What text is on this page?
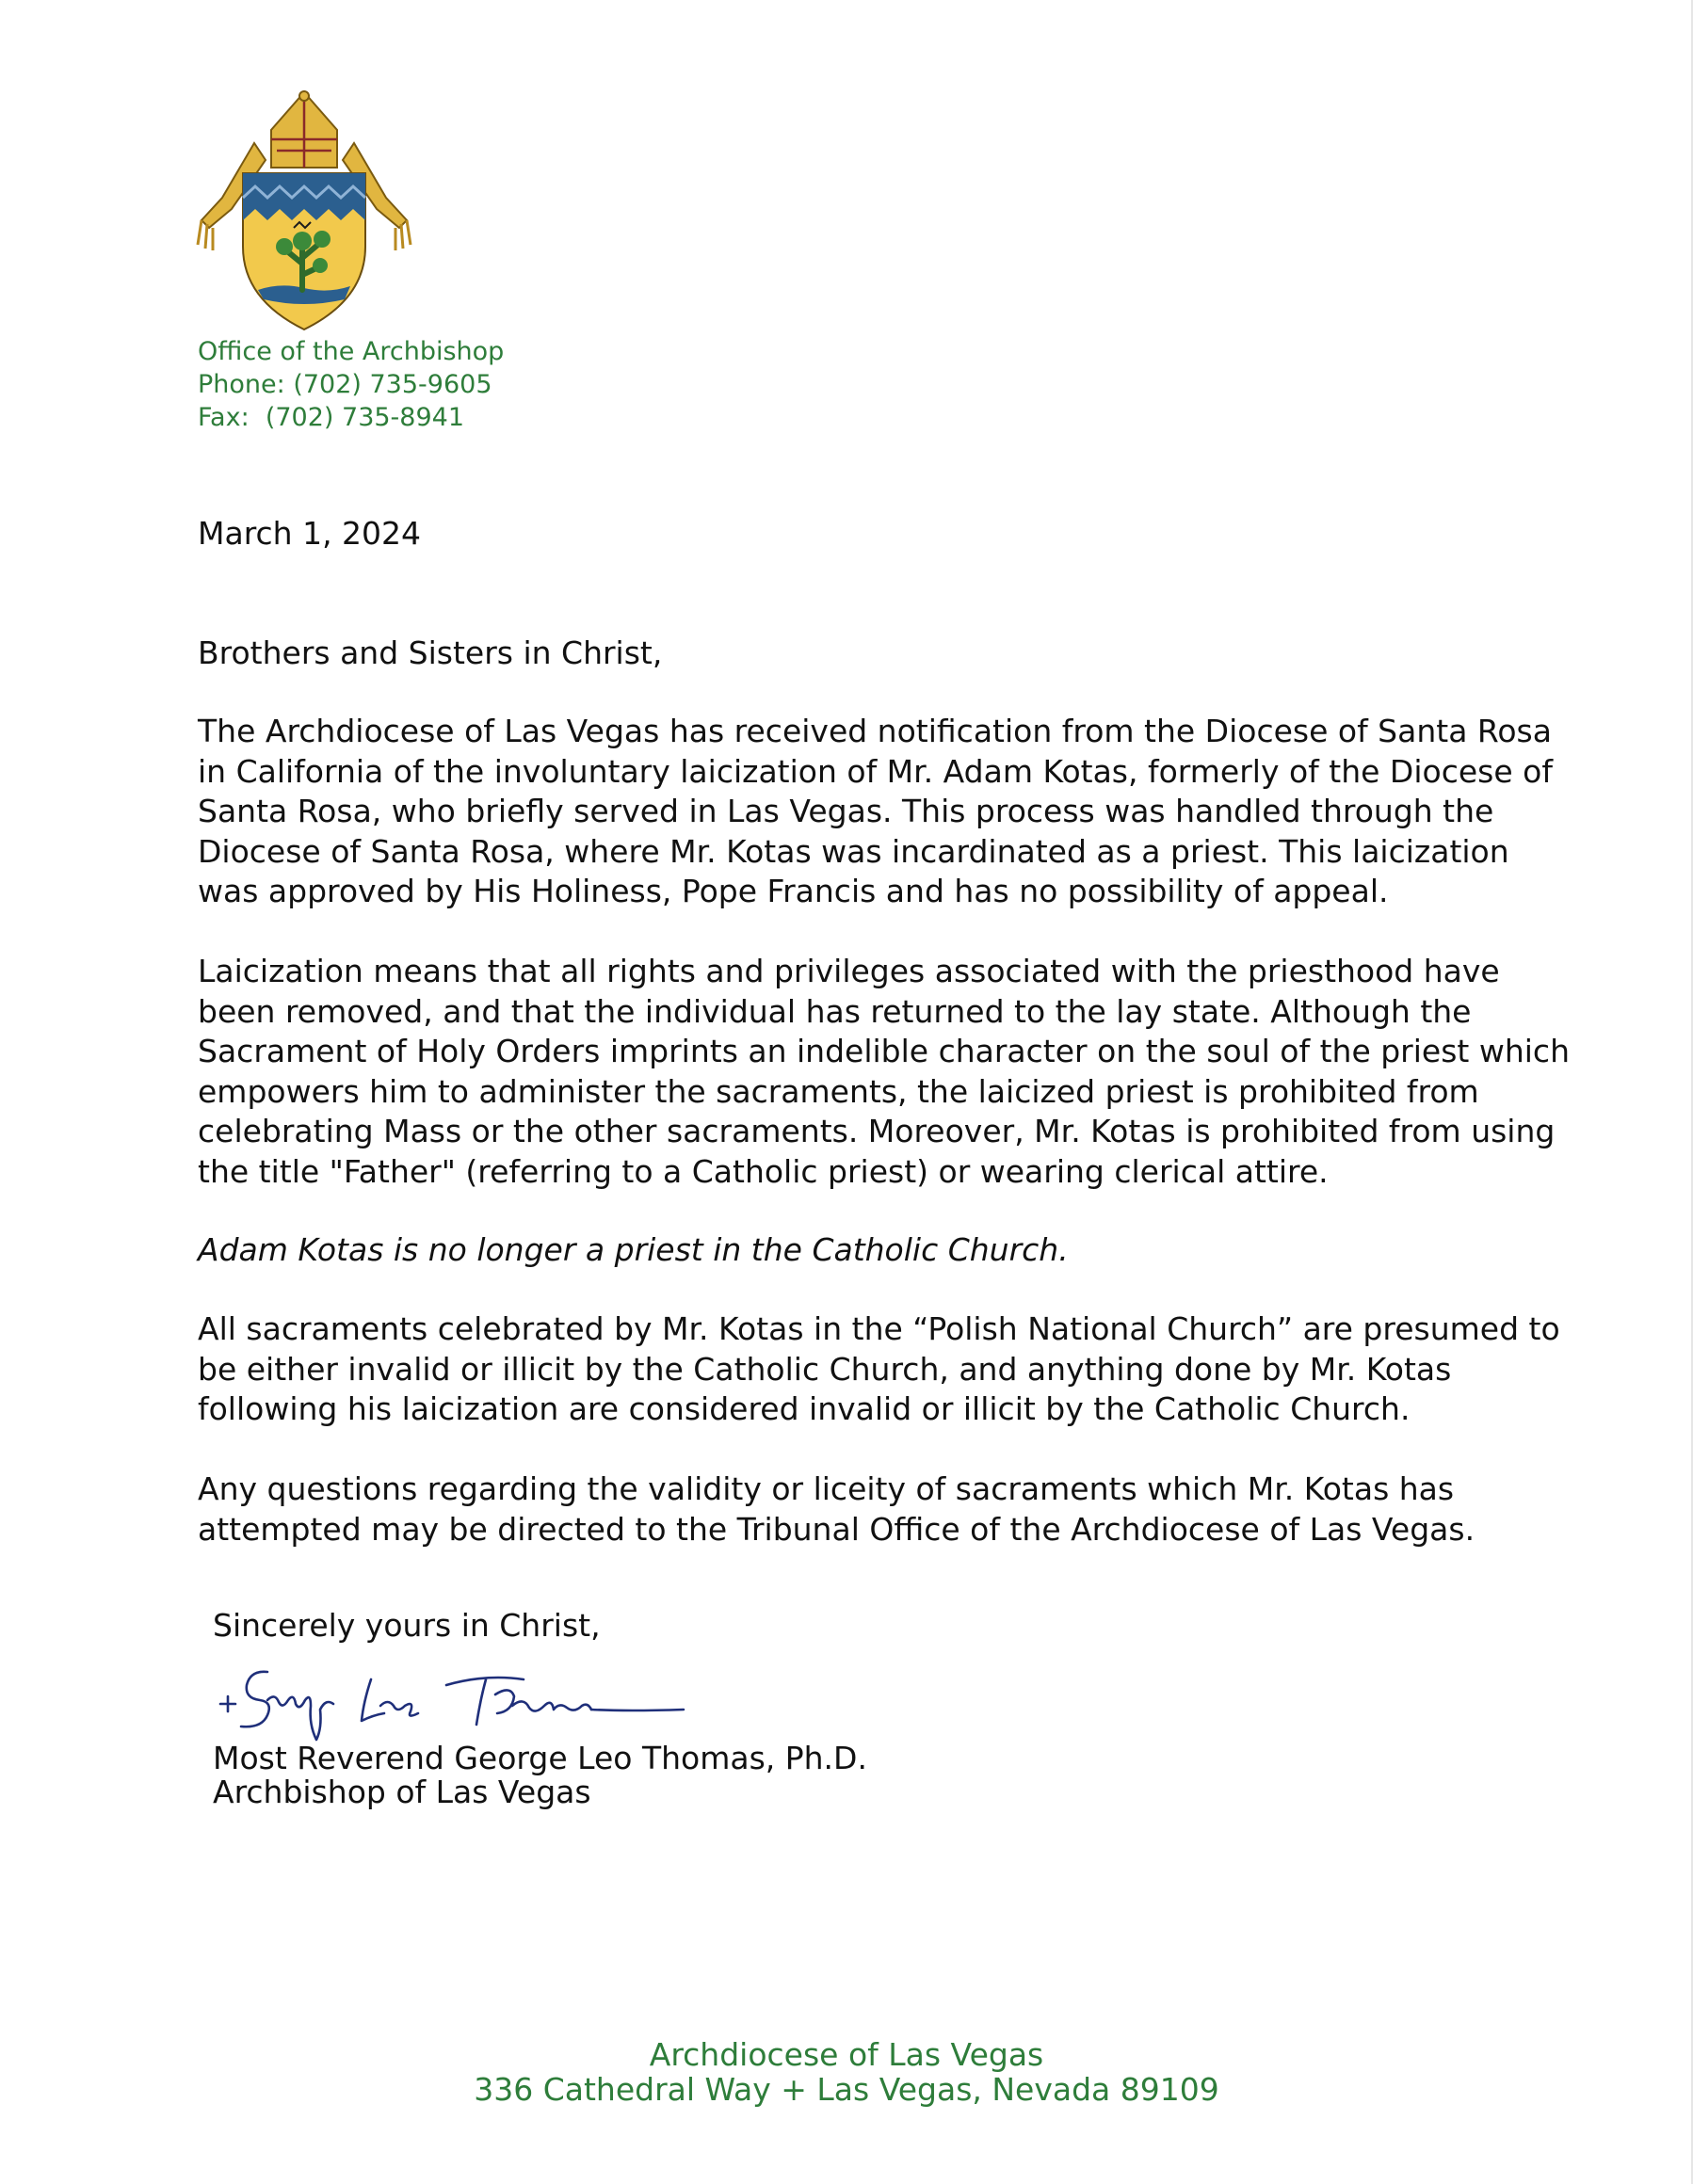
Office of the Archbishop
Phone: (702) 735-9605
Fax:  (702) 735-8941
March 1, 2024
Brothers and Sisters in Christ,
The Archdiocese of Las Vegas has received notification from the Diocese of Santa Rosa
in California of the involuntary laicization of Mr. Adam Kotas, formerly of the Diocese of
Santa Rosa, who briefly served in Las Vegas. This process was handled through the
Diocese of Santa Rosa, where Mr. Kotas was incardinated as a priest. This laicization
was approved by His Holiness, Pope Francis and has no possibility of appeal.
Laicization means that all rights and privileges associated with the priesthood have
been removed, and that the individual has returned to the lay state. Although the
Sacrament of Holy Orders imprints an indelible character on the soul of the priest which
empowers him to administer the sacraments, the laicized priest is prohibited from
celebrating Mass or the other sacraments. Moreover, Mr. Kotas is prohibited from using
the title "Father" (referring to a Catholic priest) or wearing clerical attire.
Adam Kotas is no longer a priest in the Catholic Church.
All sacraments celebrated by Mr. Kotas in the “Polish National Church” are presumed to
be either invalid or illicit by the Catholic Church, and anything done by Mr. Kotas
following his laicization are considered invalid or illicit by the Catholic Church.
Any questions regarding the validity or liceity of sacraments which Mr. Kotas has
attempted may be directed to the Tribunal Office of the Archdiocese of Las Vegas.
Sincerely yours in Christ,
Most Reverend George Leo Thomas, Ph.D.
Archbishop of Las Vegas
Archdiocese of Las Vegas
336 Cathedral Way + Las Vegas, Nevada 89109
